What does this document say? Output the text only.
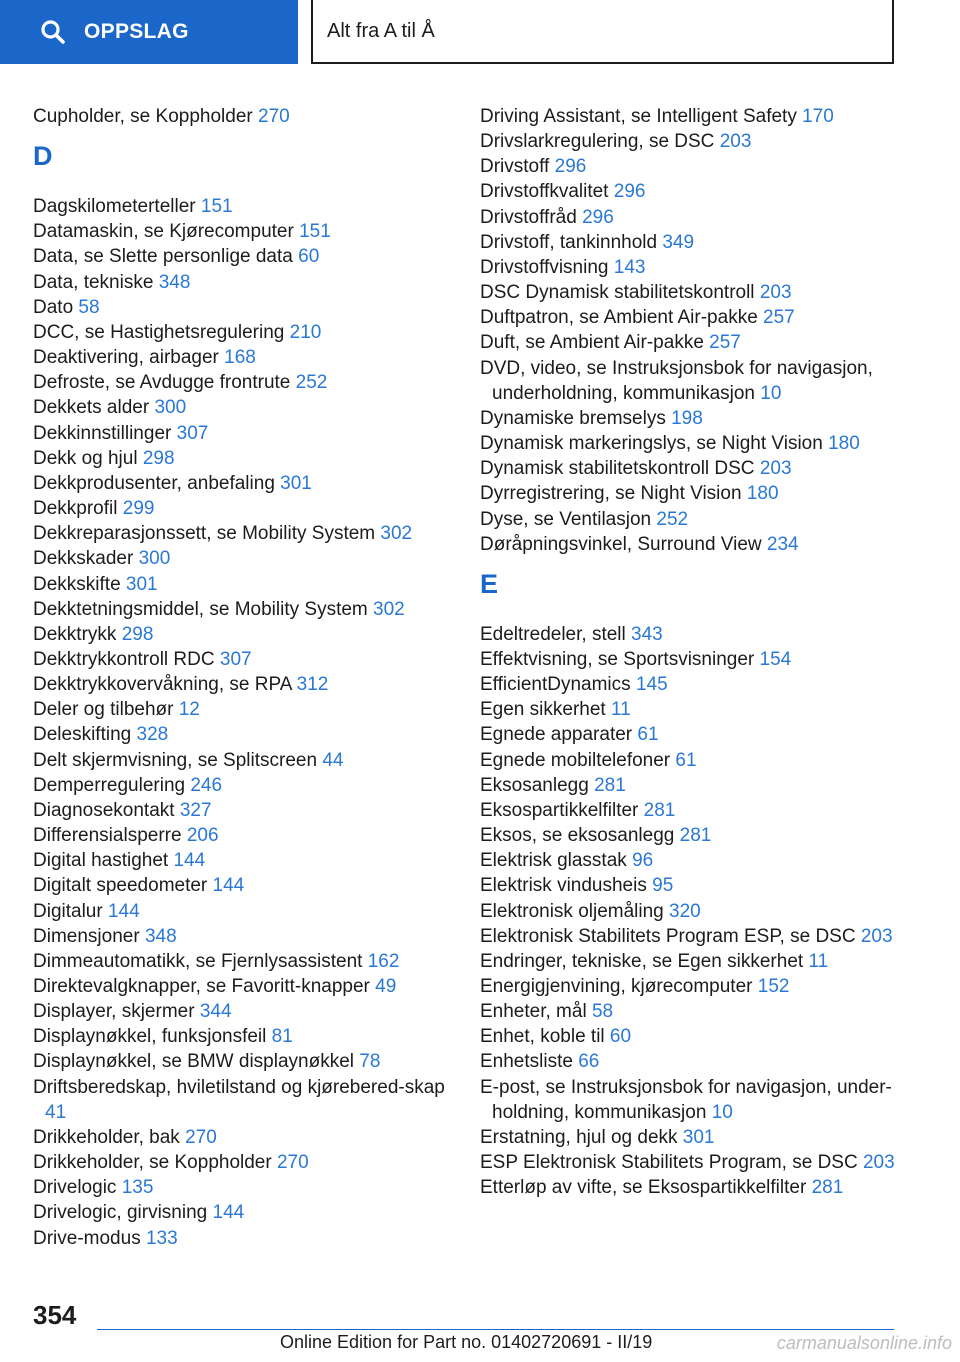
OPPSLAG	Alt fra A til Å
Cupholder, se Koppholder 270
D
Dagskilometerteller 151
Datamaskin, se Kjørecomputer 151
Data, se Slette personlige data 60
Data, tekniske 348
Dato 58
DCC, se Hastighetsregulering 210
Deaktivering, airbager 168
Defroste, se Avdugge frontrute 252
Dekkets alder 300
Dekkinnstillinger 307
Dekk og hjul 298
Dekkprodusenter, anbefaling 301
Dekkprofil 299
Dekkreparasjonssett, se Mobility System 302
Dekkskader 300
Dekkskifte 301
Dekktetningsmiddel, se Mobility System 302
Dekktrykk 298
Dekktrykkontroll RDC 307
Dekktrykkovervåkning, se RPA 312
Deler og tilbehør 12
Deleskifting 328
Delt skjermvisning, se Splitscreen 44
Demperregulering 246
Diagnosekontakt 327
Differensialsperre 206
Digital hastighet 144
Digitalt speedometer 144
Digitalur 144
Dimensjoner 348
Dimmeautomatikk, se Fjernlysassistent 162
Direktevalgknapper, se Favoritt-knapper 49
Displayer, skjermer 344
Displaynøkkel, funksjonsfeil 81
Displaynøkkel, se BMW displaynøkkel 78
Driftsberedskap, hviletilstand og kjørebered-skap 41
Drikkeholder, bak 270
Drikkeholder, se Koppholder 270
Drivelogic 135
Drivelogic, girvisning 144
Drive-modus 133
Driving Assistant, se Intelligent Safety 170
Drivslarkregulering, se DSC 203
Drivstoff 296
Drivstoffkvalitet 296
Drivstoffråd 296
Drivstoff, tankinnhold 349
Drivstoffvisning 143
DSC Dynamisk stabilitetskontroll 203
Duftpatron, se Ambient Air-pakke 257
Duft, se Ambient Air-pakke 257
DVD, video, se Instruksjonsbok for navigasjon, underholdning, kommunikasjon 10
Dynamiske bremselys 198
Dynamisk markeringslys, se Night Vision 180
Dynamisk stabilitetskontroll DSC 203
Dyrregistrering, se Night Vision 180
Dyse, se Ventilasjon 252
Døråpningsvinkel, Surround View 234
E
Edeltredeler, stell 343
Effektvisning, se Sportsvisninger 154
EfficientDynamics 145
Egen sikkerhet 11
Egnede apparater 61
Egnede mobiltelefoner 61
Eksosanlegg 281
Eksospartikkelfilter 281
Eksos, se eksosanlegg 281
Elektrisk glasstak 96
Elektrisk vindusheis 95
Elektronisk oljemåling 320
Elektronisk Stabilitets Program ESP, se DSC 203
Endringer, tekniske, se Egen sikkerhet 11
Energigjenvining, kjørecomputer 152
Enheter, mål 58
Enhet, koble til 60
Enhetsliste 66
E-post, se Instruksjonsbok for navigasjon, under-holdning, kommunikasjon 10
Erstatning, hjul og dekk 301
ESP Elektronisk Stabilitets Program, se DSC 203
Etterløp av vifte, se Eksospartikkelfilter 281
354
Online Edition for Part no. 01402720691 - II/19	carmanualsonline.info
